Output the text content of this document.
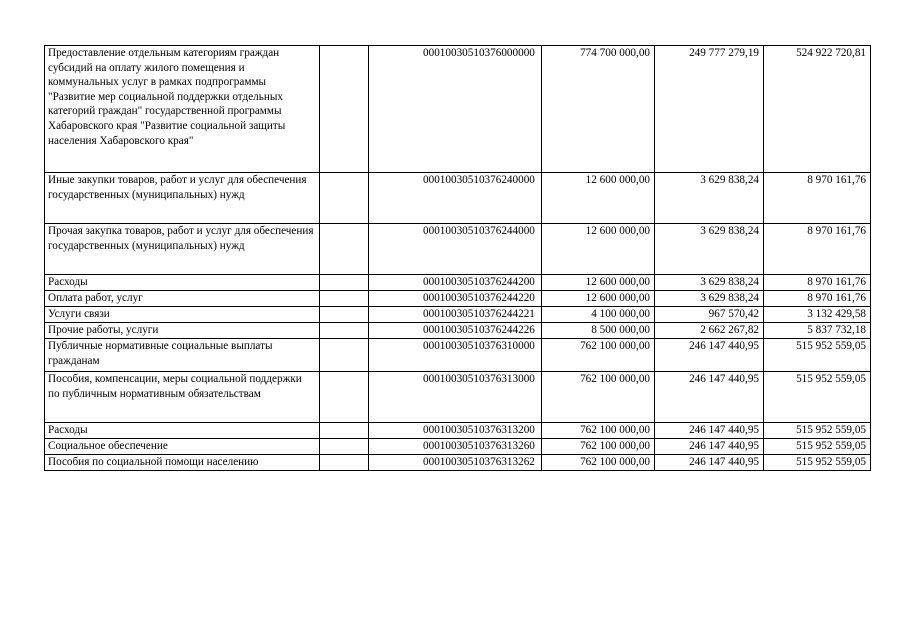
Предоставление отдельным категориям граждан субсидий на оплату жилого помещения и коммунальных услуг в рамках подпрограммы "Развитие мер социальной поддержки отдельных категорий граждан" государственной программы Хабаровского края "Развитие социальной защиты населения Хабаровского края"		00010030510376000000	774 700 000,00	249 777 279,19	524 922 720,81
Иные закупки товаров, работ и услуг для обеспечения государственных (муниципальных) нужд		00010030510376240000	12 600 000,00	3 629 838,24	8 970 161,76
Прочая закупка товаров, работ и услуг для обеспечения государственных (муниципальных) нужд		00010030510376244000	12 600 000,00	3 629 838,24	8 970 161,76
Расходы		00010030510376244200	12 600 000,00	3 629 838,24	8 970 161,76
Оплата работ, услуг		00010030510376244220	12 600 000,00	3 629 838,24	8 970 161,76
Услуги связи		00010030510376244221	4 100 000,00	967 570,42	3 132 429,58
Прочие работы, услуги		00010030510376244226	8 500 000,00	2 662 267,82	5 837 732,18
Публичные нормативные социальные выплаты гражданам		00010030510376310000	762 100 000,00	246 147 440,95	515 952 559,05
Пособия, компенсации, меры социальной поддержки по публичным нормативным обязательствам		00010030510376313000	762 100 000,00	246 147 440,95	515 952 559,05
Расходы		00010030510376313200	762 100 000,00	246 147 440,95	515 952 559,05
Социальное обеспечение		00010030510376313260	762 100 000,00	246 147 440,95	515 952 559,05
Пособия по социальной помощи населению		00010030510376313262	762 100 000,00	246 147 440,95	515 952 559,05
